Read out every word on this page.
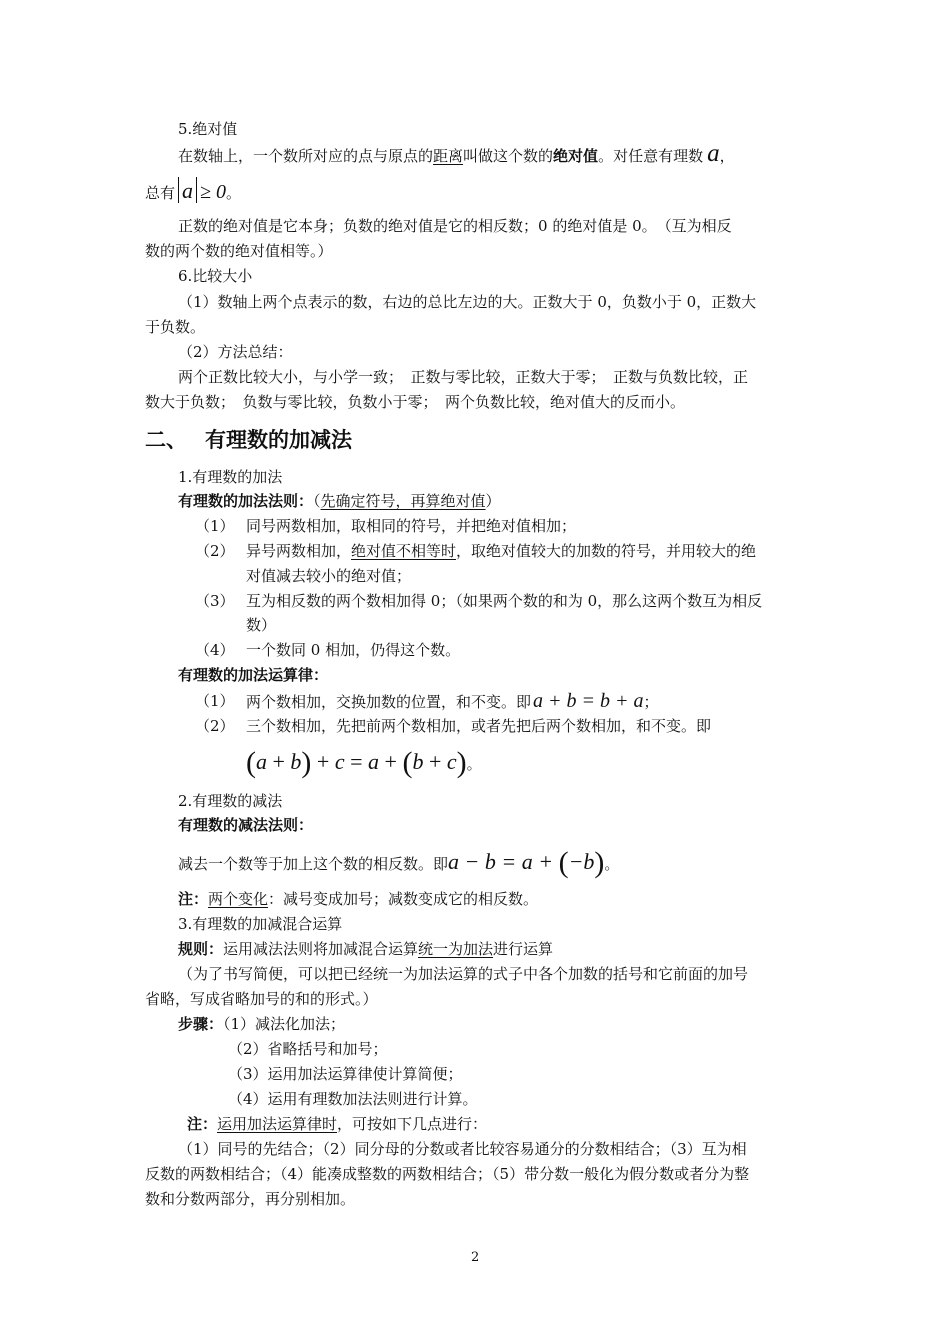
5.绝对值
在数轴上，一个数所对应的点与原点的距离叫做这个数的绝对值。对任意有理数 a，
总有 a ≥ 0。
正数的绝对值是它本身；负数的绝对值是它的相反数；0 的绝对值是 0。　（互为相反
数的两个数的绝对值相等。）
6.比较大小
（1）数轴上两个点表示的数，右边的总比左边的大。正数大于 0，负数小于 0，正数大
于负数。
（2）方法总结：
两个正数比较大小，与小学一致；　正数与零比较，正数大于零；　正数与负数比较，正
数大于负数；　负数与零比较，负数小于零；　两个负数比较，绝对值大的反而小。
二、 有理数的加减法
1.有理数的加法
有理数的加法法则：（先确定符号，再算绝对值）
（1） 同号两数相加，取相同的符号，并把绝对值相加；
（2） 异号两数相加，绝对值不相等时，取绝对值较大的加数的符号，并用较大的绝
对值减去较小的绝对值；
（3） 互为相反数的两个数相加得 0；（如果两个数的和为 0，那么这两个数互为相反
数）
（4） 一个数同 0 相加，仍得这个数。
有理数的加法运算律：
（1） 两个数相加，交换加数的位置，和不变。即 a + b = b + a；
（2） 三个数相加，先把前两个数相加，或者先把后两个数相加，和不变。即
(a + b) + c = a + (b + c)。
2.有理数的减法
有理数的减法法则：
减去一个数等于加上这个数的相反数。即a − b = a + (−b)。
注：两个变化：减号变成加号；减数变成它的相反数。
3.有理数的加减混合运算
规则：运用减法法则将加减混合运算统一为加法进行运算
（为了书写简便，可以把已经统一为加法运算的式子中各个加数的括号和它前面的加号
省略，写成省略加号的和的形式。）
步骤：（1）减法化加法；
（2）省略括号和加号；
（3）运用加法运算律使计算简便；
（4）运用有理数加法法则进行计算。
注：运用加法运算律时，可按如下几点进行：
（1）同号的先结合；（2）同分母的分数或者比较容易通分的分数相结合；（3）互为相
反数的两数相结合；（4）能凑成整数的两数相结合；（5）带分数一般化为假分数或者分为整
数和分数两部分，再分别相加。
2
